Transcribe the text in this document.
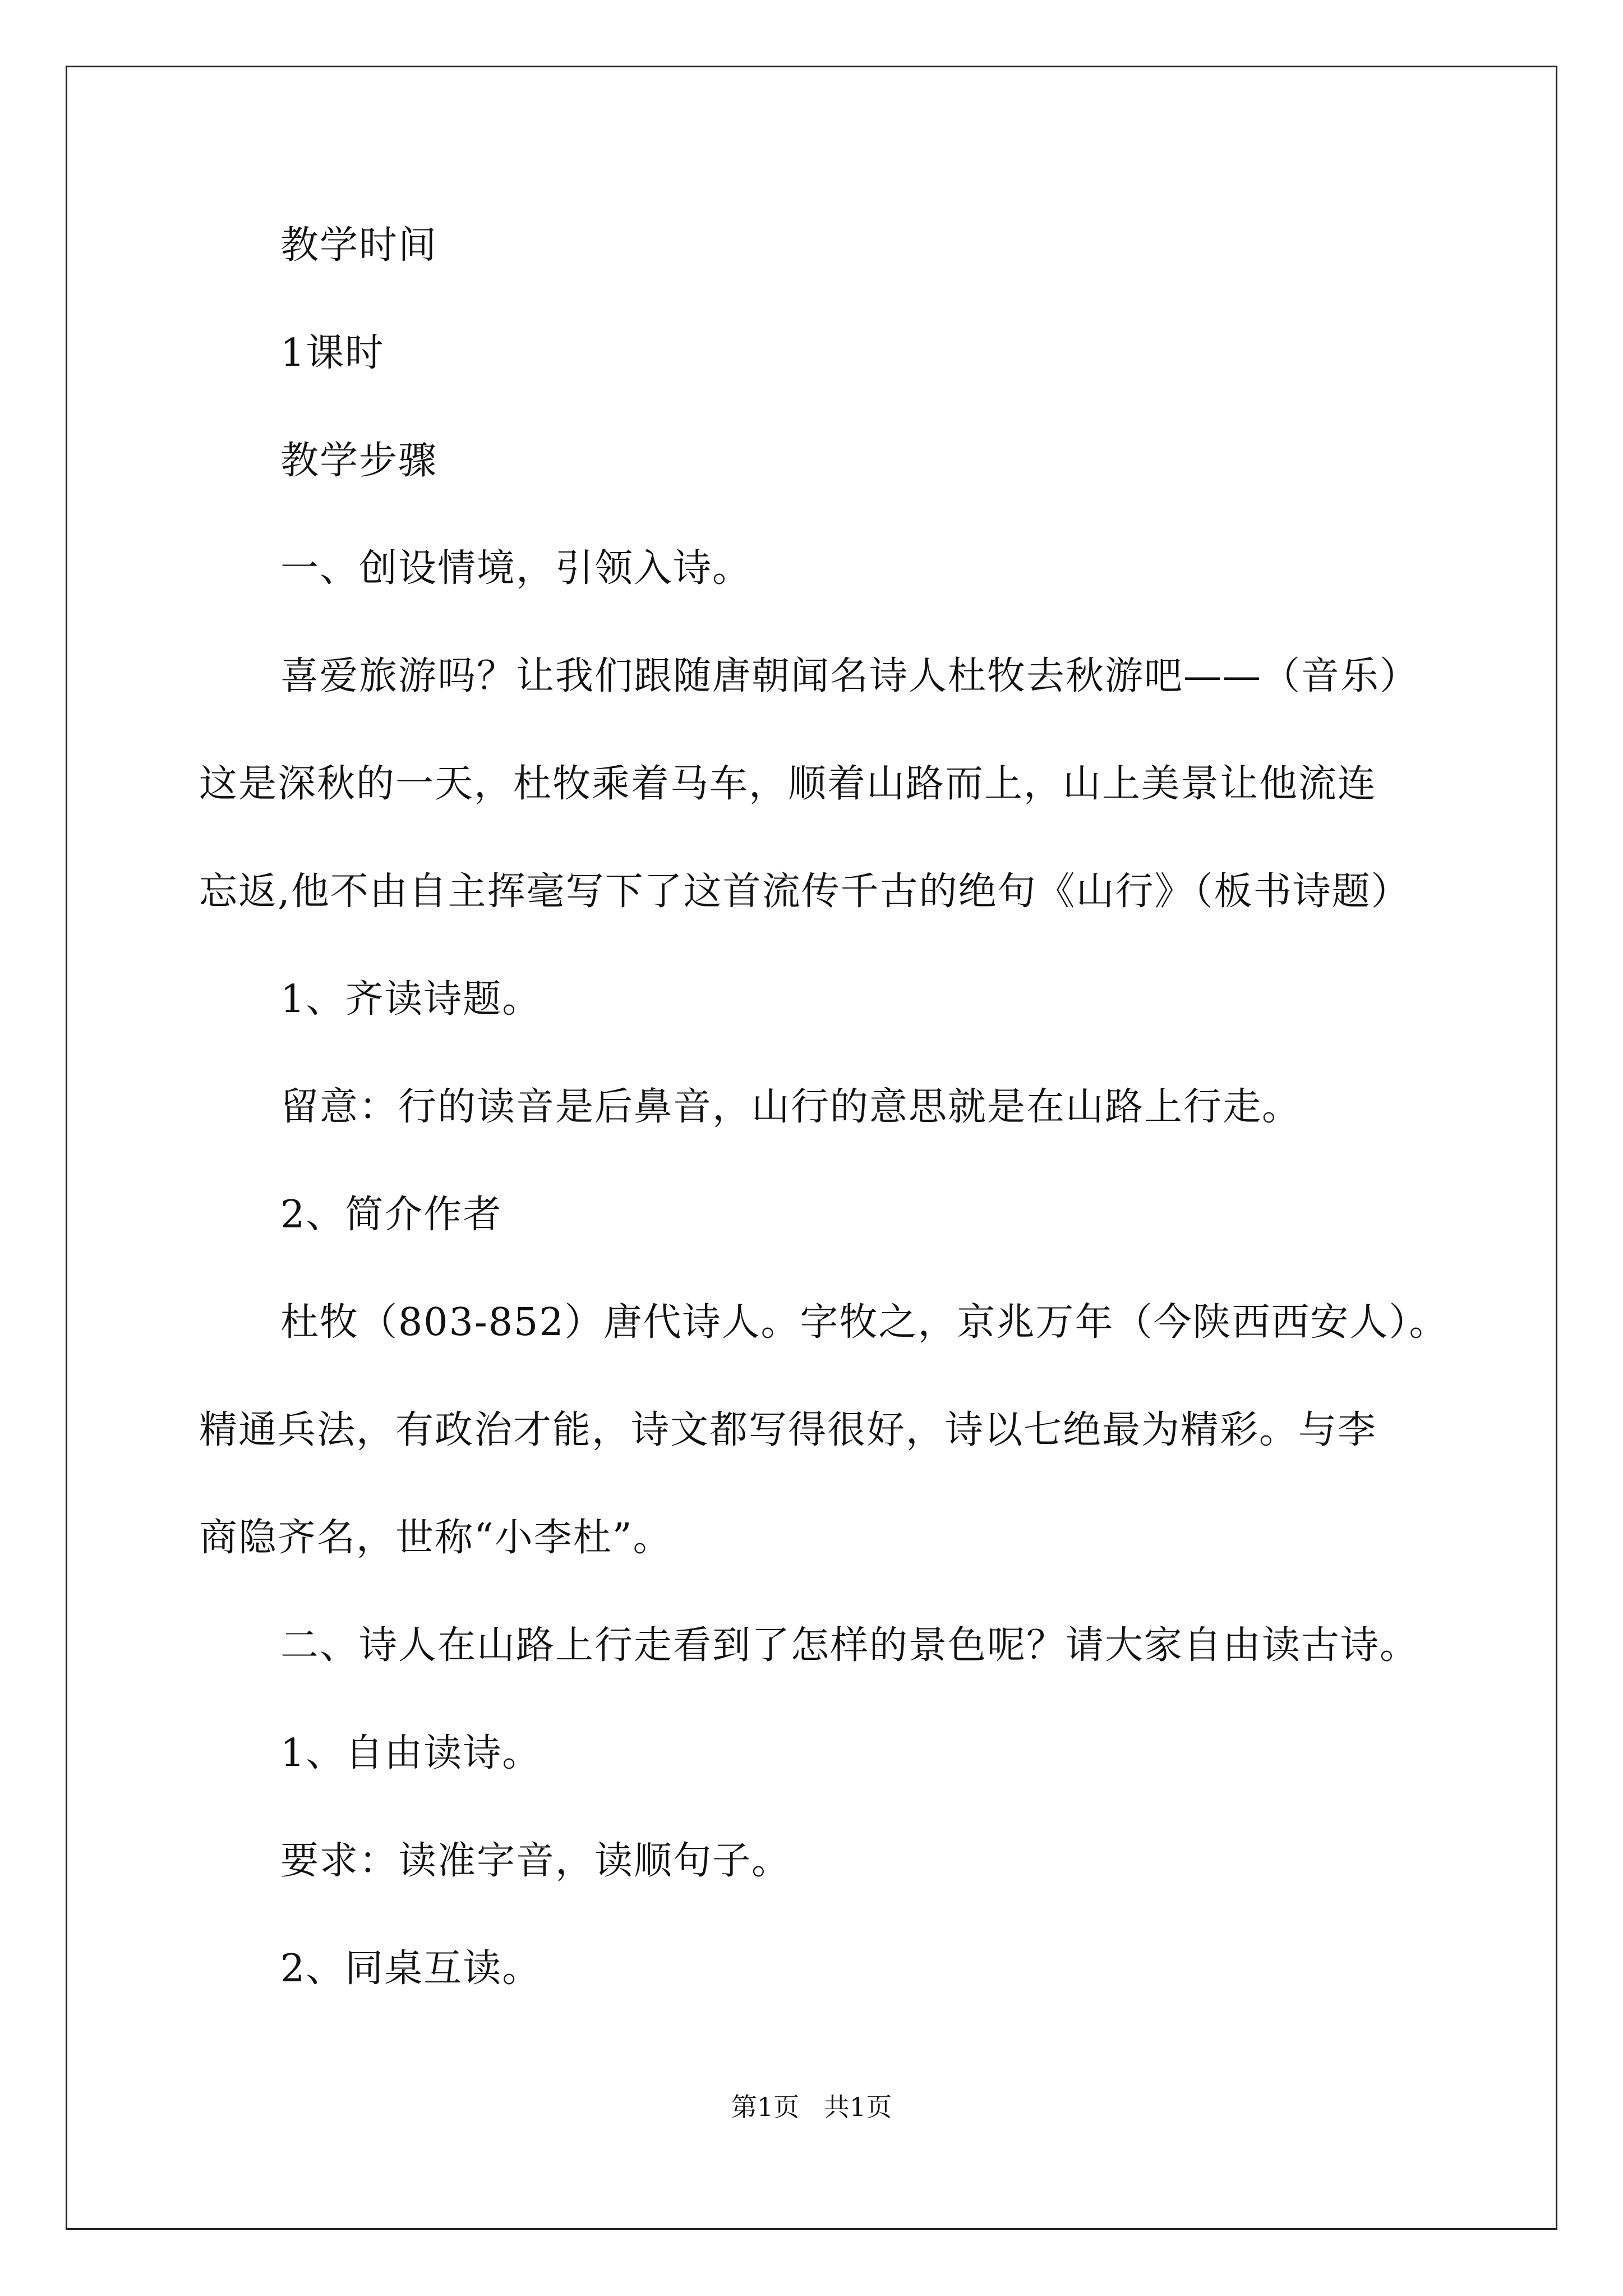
教学时间
1课时
教学步骤
一、创设情境，引领入诗。
喜爱旅游吗？让我们跟随唐朝闻名诗人杜牧去秋游吧——（音乐）
这是深秋的一天，杜牧乘着马车，顺着山路而上，山上美景让他流连
忘返,他不由自主挥毫写下了这首流传千古的绝句《山行》（板书诗题）
1、齐读诗题。
留意：行的读音是后鼻音，山行的意思就是在山路上行走。
2、简介作者
杜牧（803-852）唐代诗人。字牧之，京兆万年（今陕西西安人）。
精通兵法，有政治才能，诗文都写得很好，诗以七绝最为精彩。与李
商隐齐名，世称“小李杜”。
二、诗人在山路上行走看到了怎样的景色呢？请大家自由读古诗。
1、自由读诗。
要求：读准字音，读顺句子。
2、同桌互读。
第1页   共1页
